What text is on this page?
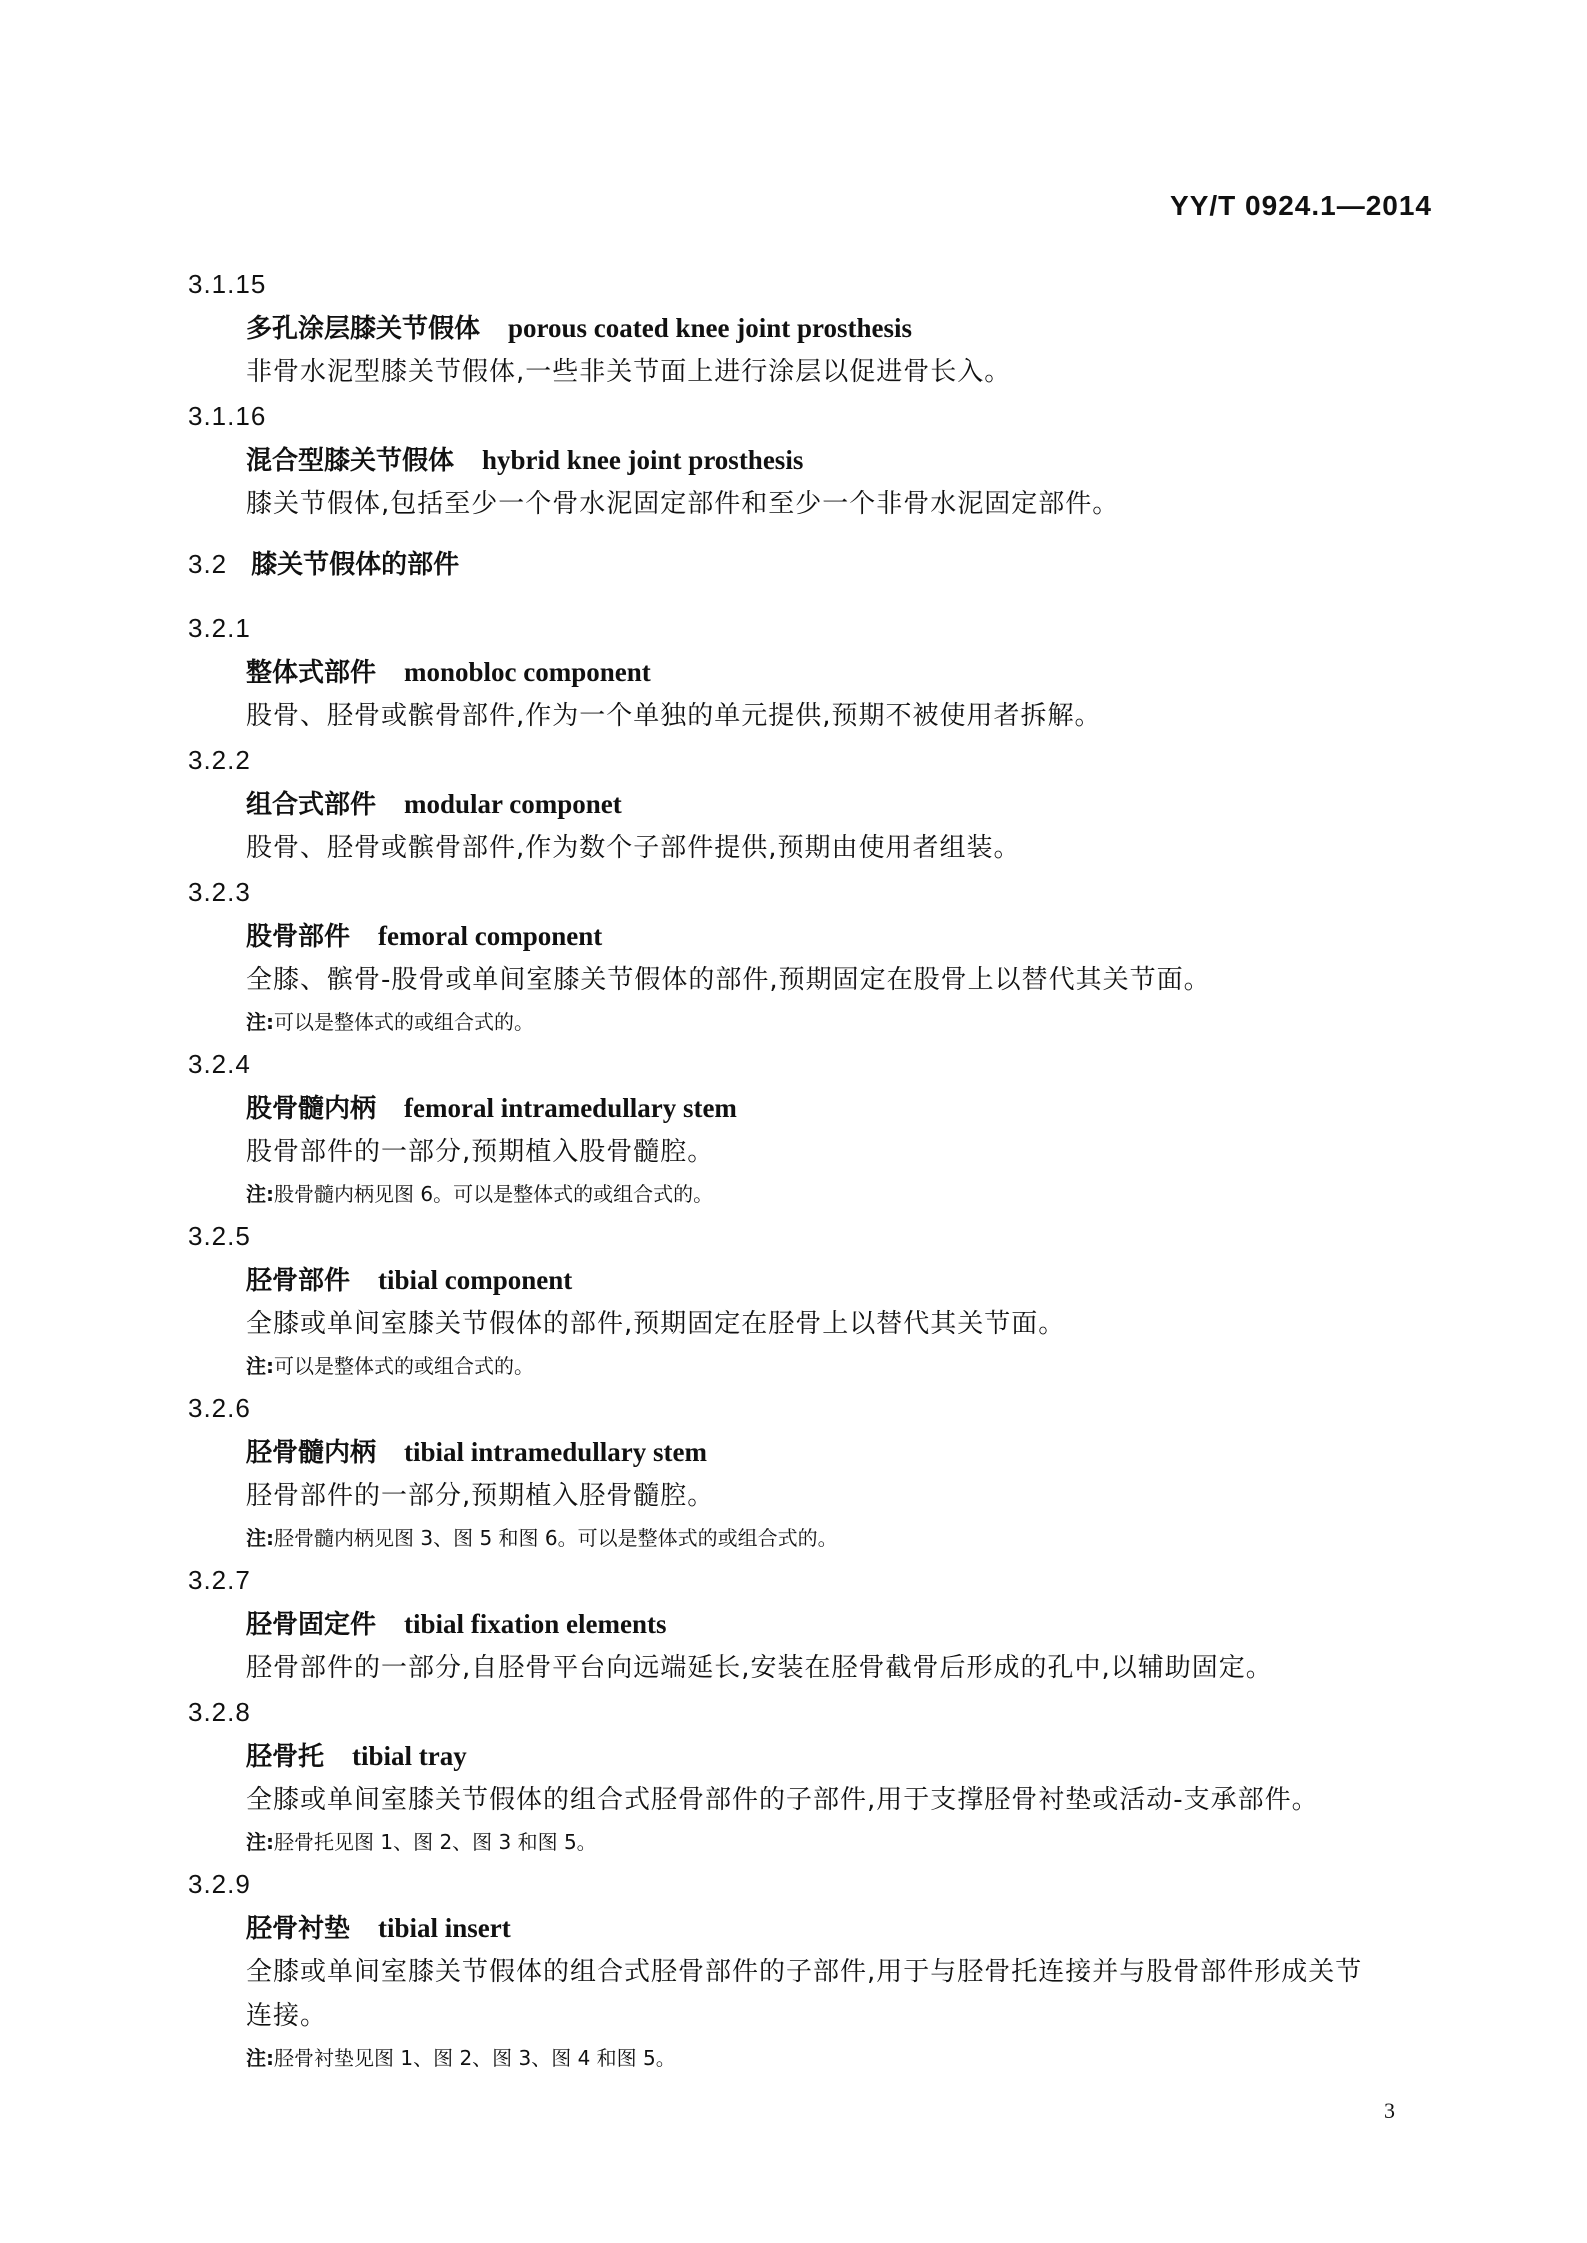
YY/T 0924.1—2014
3.1.15
多孔涂层膝关节假体 porous coated knee joint prosthesis
非骨水泥型膝关节假体,一些非关节面上进行涂层以促进骨长入。
3.1.16
混合型膝关节假体 hybrid knee joint prosthesis
膝关节假体,包括至少一个骨水泥固定部件和至少一个非骨水泥固定部件。
3.2 膝关节假体的部件
3.2.1
整体式部件 monobloc component
股骨、胫骨或髌骨部件,作为一个单独的单元提供,预期不被使用者拆解。
3.2.2
组合式部件 modular componet
股骨、胫骨或髌骨部件,作为数个子部件提供,预期由使用者组装。
3.2.3
股骨部件 femoral component
全膝、髌骨-股骨或单间室膝关节假体的部件,预期固定在股骨上以替代其关节面。
注:可以是整体式的或组合式的。
3.2.4
股骨髓内柄 femoral intramedullary stem
股骨部件的一部分,预期植入股骨髓腔。
注:股骨髓内柄见图 6。可以是整体式的或组合式的。
3.2.5
胫骨部件 tibial component
全膝或单间室膝关节假体的部件,预期固定在胫骨上以替代其关节面。
注:可以是整体式的或组合式的。
3.2.6
胫骨髓内柄 tibial intramedullary stem
胫骨部件的一部分,预期植入胫骨髓腔。
注:胫骨髓内柄见图 3、图 5 和图 6。可以是整体式的或组合式的。
3.2.7
胫骨固定件 tibial fixation elements
胫骨部件的一部分,自胫骨平台向远端延长,安装在胫骨截骨后形成的孔中,以辅助固定。
3.2.8
胫骨托 tibial tray
全膝或单间室膝关节假体的组合式胫骨部件的子部件,用于支撑胫骨衬垫或活动-支承部件。
注:胫骨托见图 1、图 2、图 3 和图 5。
3.2.9
胫骨衬垫 tibial insert
全膝或单间室膝关节假体的组合式胫骨部件的子部件,用于与胫骨托连接并与股骨部件形成关节
连接。
注:胫骨衬垫见图 1、图 2、图 3、图 4 和图 5。
3
